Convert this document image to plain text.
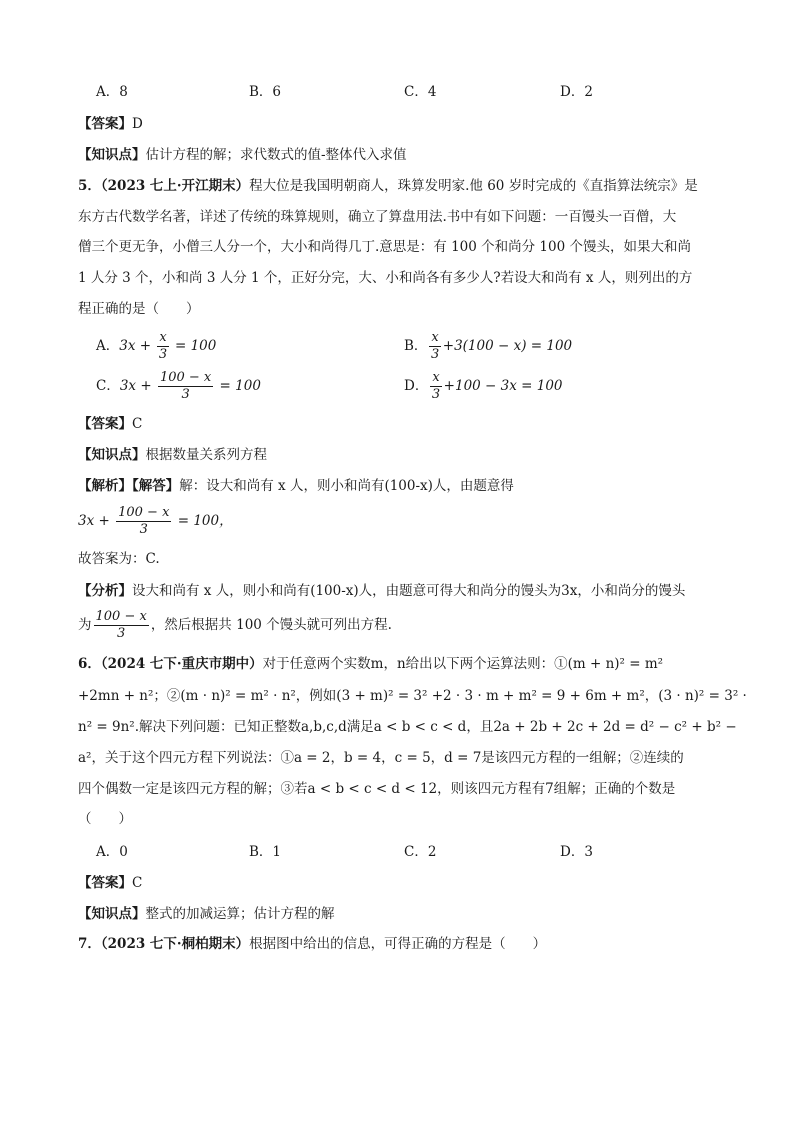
A．8	B．6	C．4	D．2
【答案】D
【知识点】估计方程的解；求代数式的值-整体代入求值
5．（2023 七上·开江期末）程大位是我国明朝商人，珠算发明家.他 60 岁时完成的《直指算法统宗》是
东方古代数学名著，详述了传统的珠算规则，确立了算盘用法.书中有如下问题：一百馒头一百僧，大
僧三个更无争，小僧三人分一个，大小和尚得几丁.意思是：有 100 个和尚分 100 个馒头，如果大和尚
1 人分 3 个，小和尚 3 人分 1 个，正好分完，大、小和尚各有多少人?若设大和尚有 x 人，则列出的方
程正确的是（　　）
A．$3x + \frac{x}{3} = 100$	B． $\frac{x}{3} +3(100 - x) = 100$
C．$3x + \frac{100 - x}{3} = 100$	D． $\frac{x}{3} +100 - 3x = 100$
【答案】C
【知识点】根据数量关系列方程
【解析】【解答】解：设大和尚有 x 人，则小和尚有(100-x)人，由题意得
$3x + \frac{100 - x}{3} = 100$，
故答案为：C.
【分析】设大和尚有 x 人，则小和尚有(100-x)人，由题意可得大和尚分的馒头为3x，小和尚分的馒头
为 $\frac{100 - x}{3}$ ，然后根据共 100 个馒头就可列出方程.
6．（2024 七下·重庆市期中）对于任意两个实数m，n给出以下两个运算法则：①(m + n)² = m²
+2mn + n²；②(m · n)² = m² · n²，例如(3 + m)² = 3² +2 · 3 · m + m² = 9 + 6m + m²，(3 · n)² = 3² ·
n² = 9n².解决下列问题：已知正整数a,b,c,d满足a < b < c < d，且2a + 2b + 2c + 2d = d² − c² + b² −
a²，关于这个四元方程下列说法：①a = 2，b = 4，c = 5，d = 7是该四元方程的一组解；②连续的
四个偶数一定是该四元方程的解；③若a < b < c < d < 12，则该四元方程有7组解；正确的个数是
（　　）
A．0	B．1	C．2	D．3
【答案】C
【知识点】整式的加减运算；估计方程的解
7．（2023 七下·桐柏期末）根据图中给出的信息，可得正确的方程是（　　）
